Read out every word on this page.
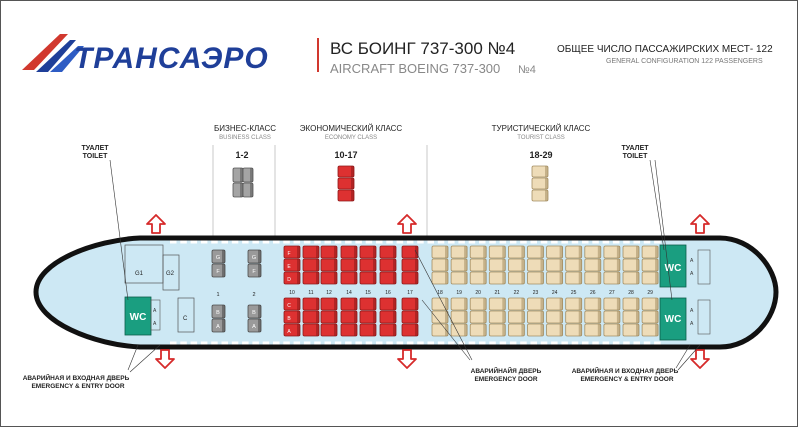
ТРАНСАЭРО	ВС БОИНГ 737-300 №4
AIRCRAFT BOEING 737-300 №4
ОБЩЕЕ ЧИСЛО ПАССАЖИРСКИХ МЕСТ- 122
GENERAL CONFIGURATION 122 PASSENGERS
БИЗНЕС-КЛАСС
BUSINESS CLASS
1-2
ЭКОНОМИЧЕСКИЙ КЛАСС
ECONOMY CLASS
10-17
ТУРИСТИЧЕСКИЙ КЛАСС
TOURIST CLASS
18-29
ТУАЛЕТ
TOILET
ТУАЛЕТ
TOILET
G1	G2
WC
A
A
C
WC
WC
A
A
A
A
G
B
F
A
1
G
B
F
A
2
F
C
E
B
D
A
10	11	12	14	15	16	17	18	19	20	21	22	23	24	25	26	27	28	29
АВАРИЙНАЯ И ВХОДНАЯ ДВЕРЬ
EMERGENCY & ENTRY DOOR
АВАРИЙНАЙЯ ДВЕРЬ
EMERGENCY DOOR
АВАРИЙНАЯ И ВХОДНАЯ ДВЕРЬ
EMERGENCY & ENTRY DOOR
